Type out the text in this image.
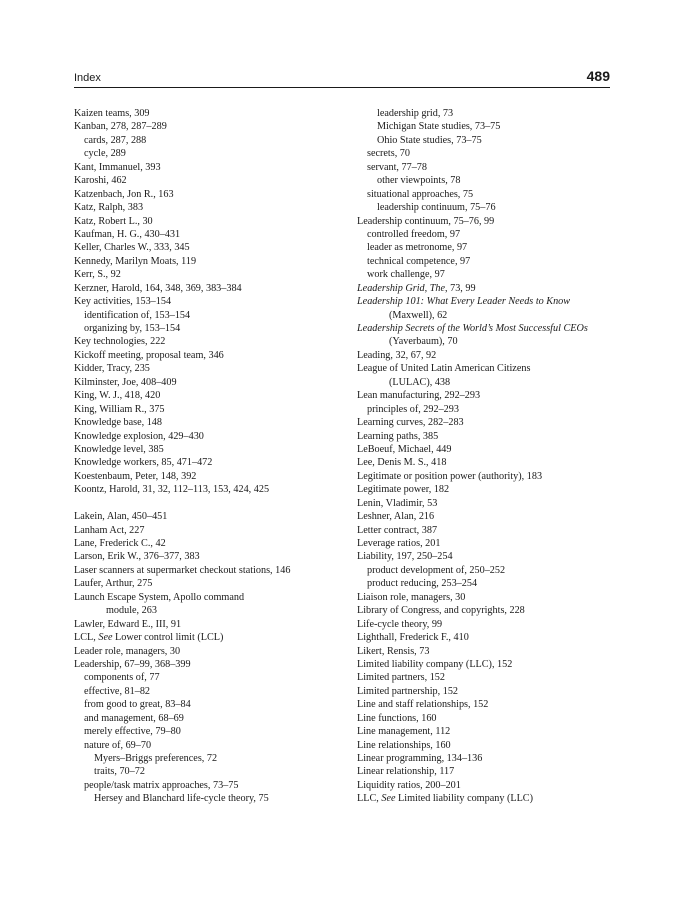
Index	489
Kaizen teams, 309
Kanban, 278, 287–289
cards, 287, 288
cycle, 289
Kant, Immanuel, 393
Karoshi, 462
Katzenbach, Jon R., 163
Katz, Ralph, 383
Katz, Robert L., 30
Kaufman, H. G., 430–431
Keller, Charles W., 333, 345
Kennedy, Marilyn Moats, 119
Kerr, S., 92
Kerzner, Harold, 164, 348, 369, 383–384
Key activities, 153–154
identification of, 153–154
organizing by, 153–154
Key technologies, 222
Kickoff meeting, proposal team, 346
Kidder, Tracy, 235
Kilminster, Joe, 408–409
King, W. J., 418, 420
King, William R., 375
Knowledge base, 148
Knowledge explosion, 429–430
Knowledge level, 385
Knowledge workers, 85, 471–472
Koestenbaum, Peter, 148, 392
Koontz, Harold, 31, 32, 112–113, 153, 424, 425
Lakein, Alan, 450–451
Lanham Act, 227
Lane, Frederick C., 42
Larson, Erik W., 376–377, 383
Laser scanners at supermarket checkout stations, 146
Laufer, Arthur, 275
Launch Escape System, Apollo command
module, 263
Lawler, Edward E., III, 91
LCL, See Lower control limit (LCL)
Leader role, managers, 30
Leadership, 67–99, 368–399
components of, 77
effective, 81–82
from good to great, 83–84
and management, 68–69
merely effective, 79–80
nature of, 69–70
Myers–Briggs preferences, 72
traits, 70–72
people/task matrix approaches, 73–75
Hersey and Blanchard life-cycle theory, 75
leadership grid, 73
Michigan State studies, 73–75
Ohio State studies, 73–75
secrets, 70
servant, 77–78
other viewpoints, 78
situational approaches, 75
leadership continuum, 75–76
Leadership continuum, 75–76, 99
controlled freedom, 97
leader as metronome, 97
technical competence, 97
work challenge, 97
Leadership Grid, The, 73, 99
Leadership 101: What Every Leader Needs to Know
(Maxwell), 62
Leadership Secrets of the World’s Most Successful CEOs
(Yaverbaum), 70
Leading, 32, 67, 92
League of United Latin American Citizens
(LULAC), 438
Lean manufacturing, 292–293
principles of, 292–293
Learning curves, 282–283
Learning paths, 385
LeBoeuf, Michael, 449
Lee, Denis M. S., 418
Legitimate or position power (authority), 183
Legitimate power, 182
Lenin, Vladimir, 53
Leshner, Alan, 216
Letter contract, 387
Leverage ratios, 201
Liability, 197, 250–254
product development of, 250–252
product reducing, 253–254
Liaison role, managers, 30
Library of Congress, and copyrights, 228
Life-cycle theory, 99
Lighthall, Frederick F., 410
Likert, Rensis, 73
Limited liability company (LLC), 152
Limited partners, 152
Limited partnership, 152
Line and staff relationships, 152
Line functions, 160
Line management, 112
Line relationships, 160
Linear programming, 134–136
Linear relationship, 117
Liquidity ratios, 200–201
LLC, See Limited liability company (LLC)
